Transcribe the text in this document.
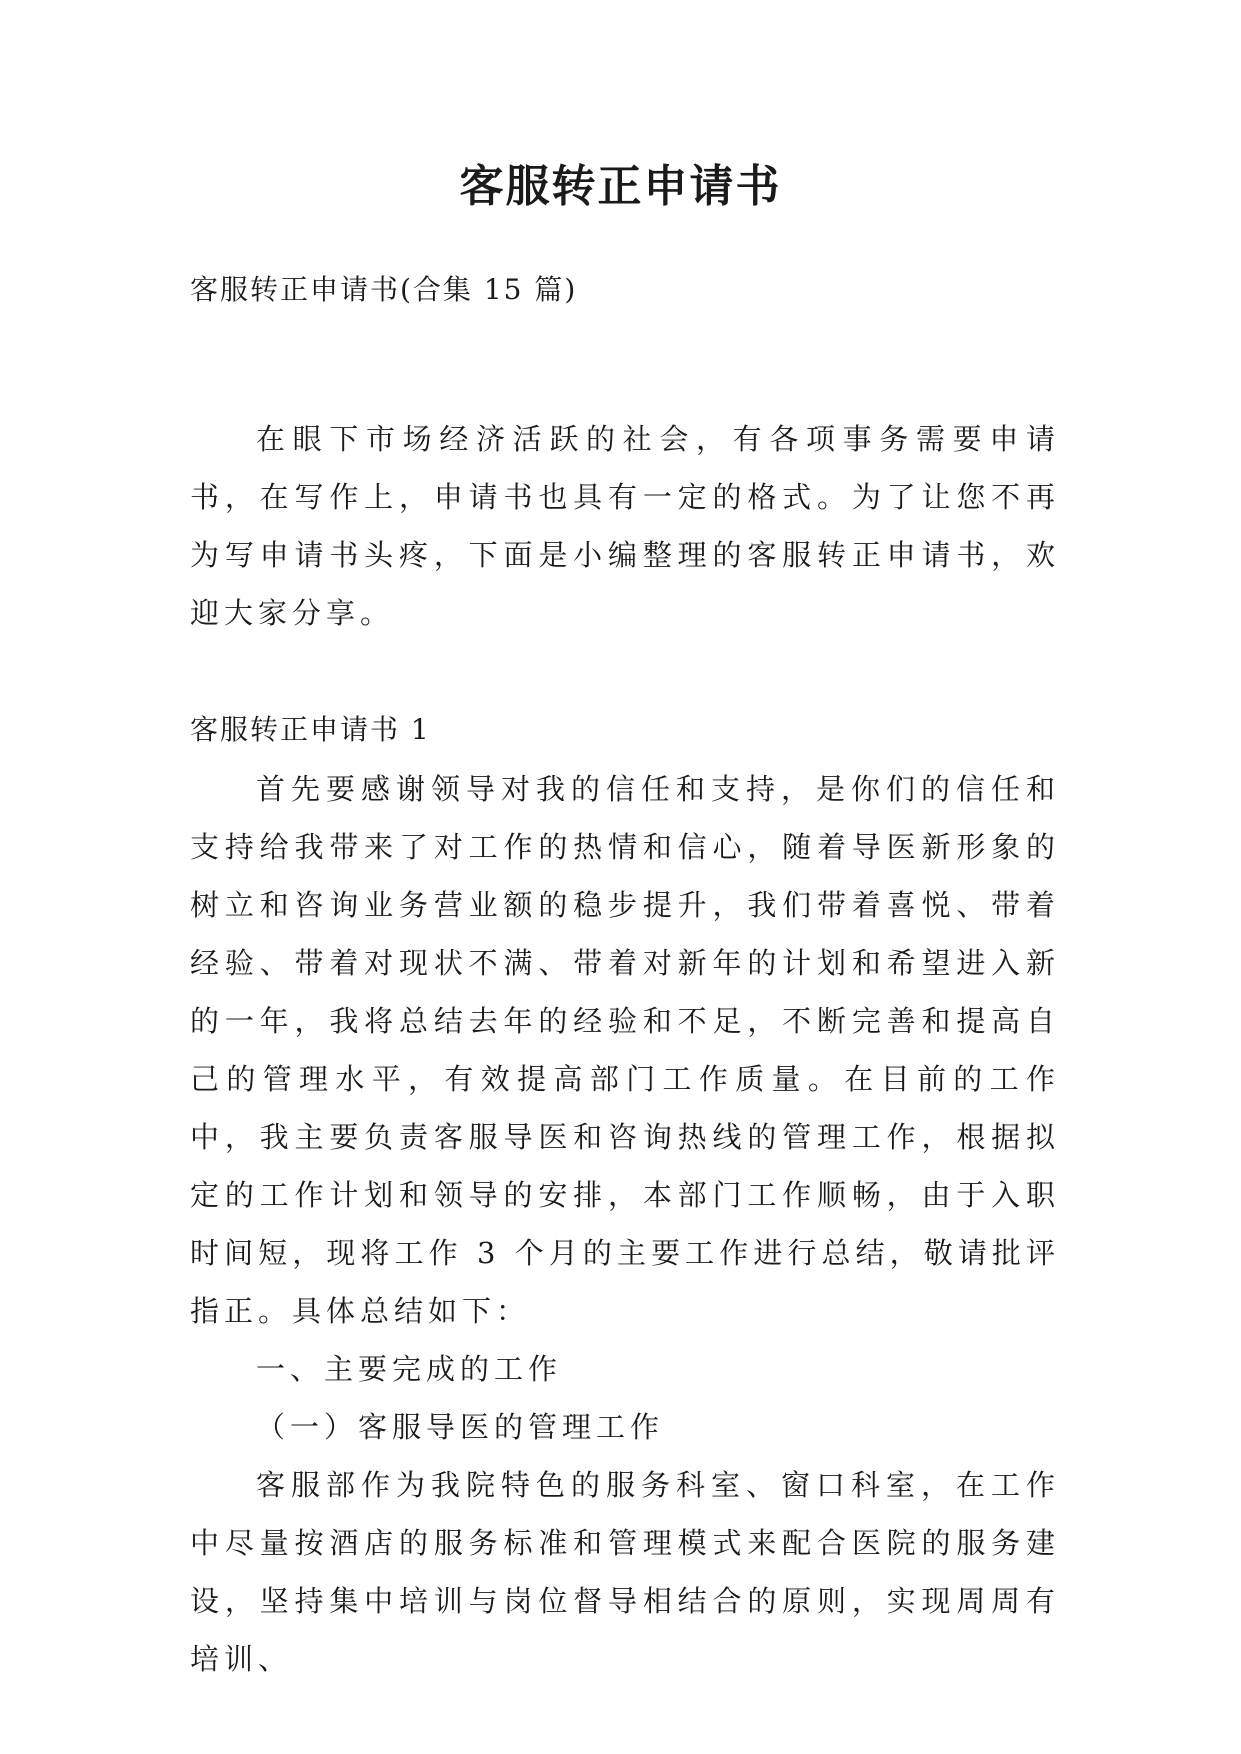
客服转正申请书
客服转正申请书(合集 15 篇)

在眼下市场经济活跃的社会，有各项事务需要申请书，在写作上，申请书也具有一定的格式。为了让您不再为写申请书头疼，下面是小编整理的客服转正申请书，欢迎大家分享。

客服转正申请书 1

首先要感谢领导对我的信任和支持，是你们的信任和支持给我带来了对工作的热情和信心，随着导医新形象的树立和咨询业务营业额的稳步提升，我们带着喜悦、带着经验、带着对现状不满、带着对新年的计划和希望进入新的一年，我将总结去年的经验和不足，不断完善和提高自己的管理水平，有效提高部门工作质量。在目前的工作中，我主要负责客服导医和咨询热线的管理工作，根据拟定的工作计划和领导的安排，本部门工作顺畅，由于入职时间短，现将工作 3 个月的主要工作进行总结，敬请批评指正。具体总结如下：

一、主要完成的工作

（一）客服导医的管理工作

客服部作为我院特色的服务科室、窗口科室，在工作中尽量按酒店的服务标准和管理模式来配合医院的服务建设，坚持集中培训与岗位督导相结合的原则，实现周周有培训、
